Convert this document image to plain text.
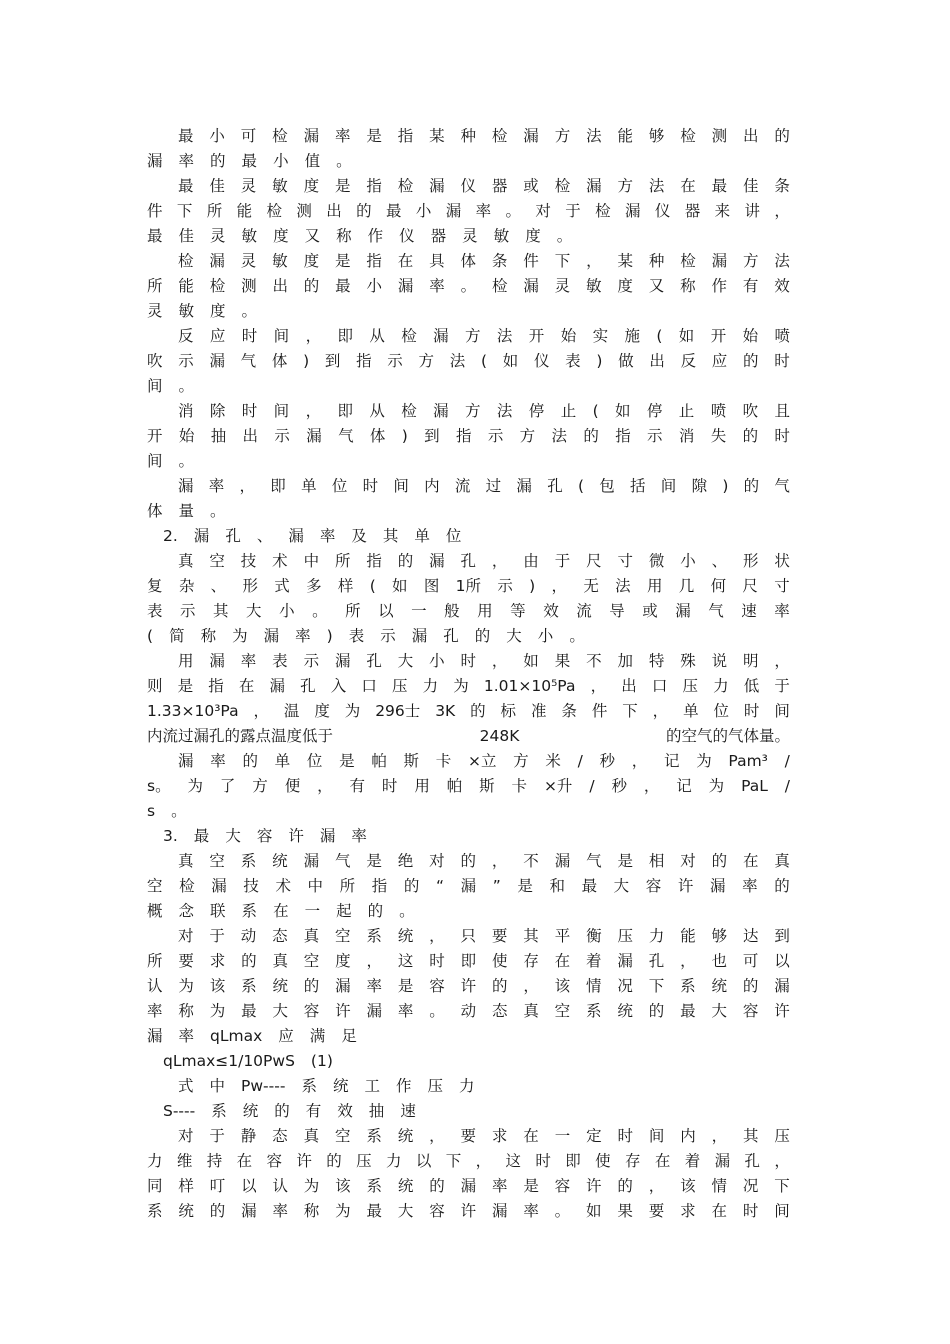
最 小 可 检 漏 率 是 指 某 种 检 漏 方 法 能 够 检 测 出 的
漏 率 的 最 小 值 。
最 佳 灵 敏 度 是 指 检 漏 仪 器 或 检 漏 方 法 在 最 佳 条
件 下 所 能 检 测 出 的 最 小 漏 率 。 对 于 检 漏 仪 器 来 讲 ，
最 佳 灵 敏 度 又 称 作 仪 器 灵 敏 度 。
检 漏 灵 敏 度 是 指 在 具 体 条 件 下 ， 某 种 检 漏 方 法
所 能 检 测 出 的 最 小 漏 率 。 检 漏 灵 敏 度 又 称 作 有 效
灵 敏 度 。
反 应 时 间 ， 即 从 检 漏 方 法 开 始 实 施 ( 如 开 始 喷
吹 示 漏 气 体 ) 到 指 示 方 法 ( 如 仪 表 ) 做 出 反 应 的 时
间 。
消 除 时 间 ， 即 从 检 漏 方 法 停 止 ( 如 停 止 喷 吹 且
开 始 抽 出 示 漏 气 体 ) 到 指 示 方 法 的 指 示 消 失 的 时
间 。
漏 率 ， 即 单 位 时 间 内 流 过 漏 孔 ( 包 括 间 隙 ) 的 气
体 量 。
2. 漏 孔 、 漏 率 及 其 单 位
真 空 技 术 中 所 指 的 漏 孔 ， 由 于 尺 寸 微 小 、 形 状
复 杂 、 形 式 多 样 ( 如 图 1所 示 ) ， 无 法 用 几 何 尺 寸
表 示 其 大 小 。 所 以 一 般 用 等 效 流 导 或 漏 气 速 率
( 简 称 为 漏 率 ) 表 示 漏 孔 的 大 小 。
用 漏 率 表 示 漏 孔 大 小 时 ， 如 果 不 加 特 殊 说 明 ，
则 是 指 在 漏 孔 入 口 压 力 为 1.01×10⁵Pa ， 出 口 压 力 低 于
1.33×10³Pa ， 温 度 为 296士 3K 的 标 准 条 件 下 ， 单 位 时 间
内流过漏孔的露点温度低于	248K	的空气的气体量。
漏 率 的 单 位 是 帕 斯 卡 ×立 方 米 / 秒 ， 记 为 Pam³ /
s。 为 了 方 便 ， 有 时 用 帕 斯 卡 ×升 / 秒 ， 记 为 PaL /
s 。
3. 最 大 容 许 漏 率
真 空 系 统 漏 气 是 绝 对 的 ， 不 漏 气 是 相 对 的 在 真
空 检 漏 技 术 中 所 指 的 “ 漏 ” 是 和 最 大 容 许 漏 率 的
概 念 联 系 在 一 起 的 。
对 于 动 态 真 空 系 统 ， 只 要 其 平 衡 压 力 能 够 达 到
所 要 求 的 真 空 度 ， 这 时 即 使 存 在 着 漏 孔 ， 也 可 以
认 为 该 系 统 的 漏 率 是 容 许 的 ， 该 情 况 下 系 统 的 漏
率 称 为 最 大 容 许 漏 率 。 动 态 真 空 系 统 的 最 大 容 许
漏 率 qLmax 应 满 足
qLmax≤1/10PwS (1)
式 中 Pw---- 系 统 工 作 压 力
S---- 系 统 的 有 效 抽 速
对 于 静 态 真 空 系 统 ， 要 求 在 一 定 时 间 内 ， 其 压
力 维 持 在 容 许 的 压 力 以 下 ， 这 时 即 使 存 在 着 漏 孔 ，
同 样 叮 以 认 为 该 系 统 的 漏 率 是 容 许 的 ， 该 情 况 下
系 统 的 漏 率 称 为 最 大 容 许 漏 率 。 如 果 要 求 在 时 间
